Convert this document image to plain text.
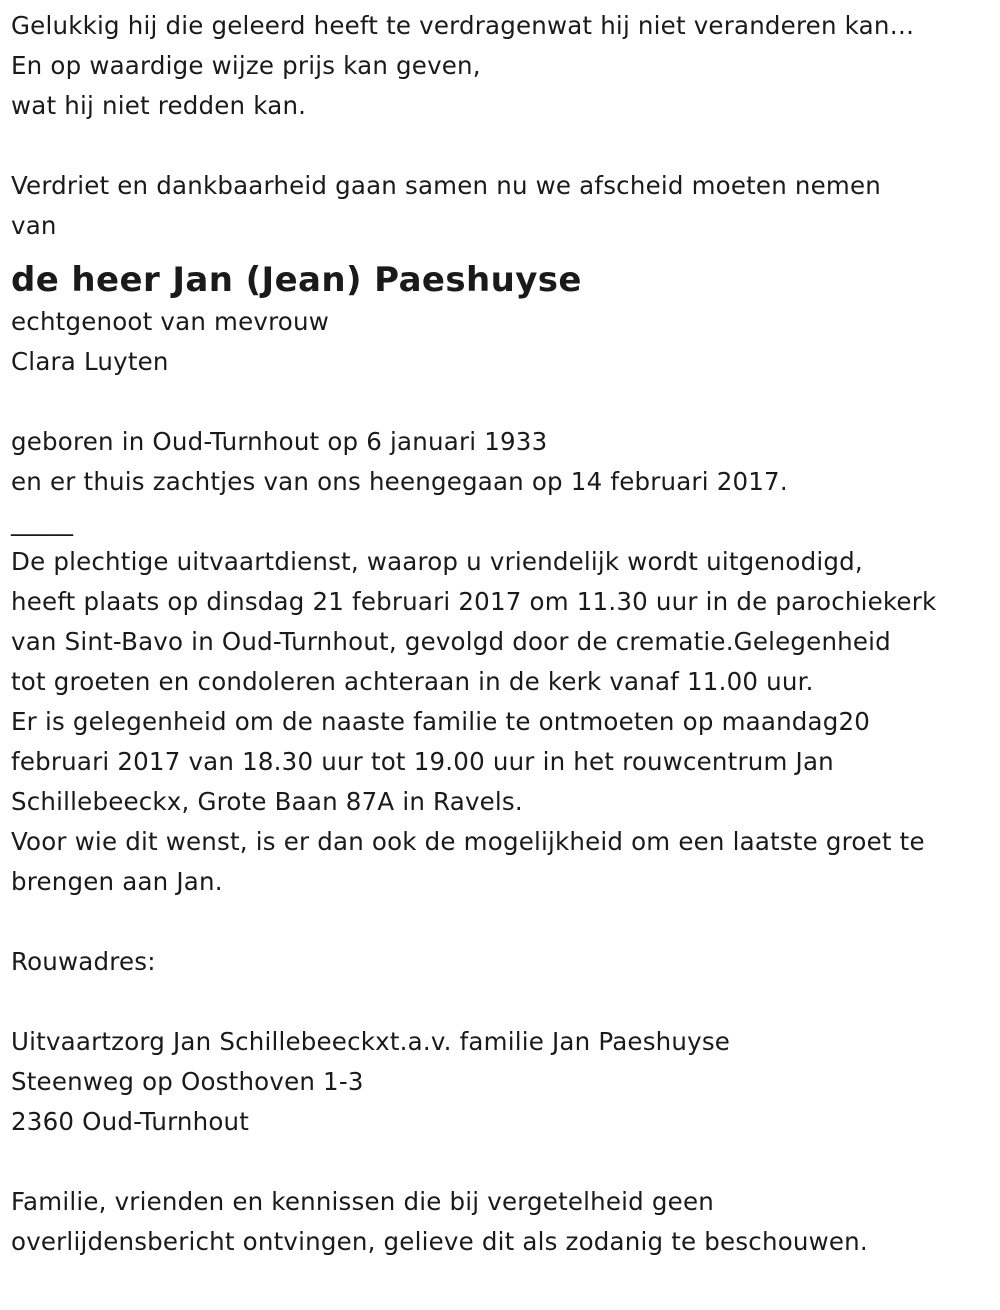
Gelukkig hij die geleerd heeft te verdragenwat hij niet veranderen kan…
En op waardige wijze prijs kan geven,
wat hij niet redden kan.
Verdriet en dankbaarheid gaan samen nu we afscheid moeten nemen
van
de heer Jan (Jean) Paeshuyse
echtgenoot van mevrouw
Clara Luyten
geboren in Oud-Turnhout op 6 januari 1933
en er thuis zachtjes van ons heengegaan op 14 februari 2017.
_____
De plechtige uitvaartdienst, waarop u vriendelijk wordt uitgenodigd,
heeft plaats op dinsdag 21 februari 2017 om 11.30 uur in de parochiekerk
van Sint-Bavo in Oud-Turnhout, gevolgd door de crematie.Gelegenheid
tot groeten en condoleren achteraan in de kerk vanaf 11.00 uur.
Er is gelegenheid om de naaste familie te ontmoeten op maandag20
februari 2017 van 18.30 uur tot 19.00 uur in het rouwcentrum Jan
Schillebeeckx, Grote Baan 87A in Ravels.
Voor wie dit wenst, is er dan ook de mogelijkheid om een laatste groet te
brengen aan Jan.
Rouwadres:
Uitvaartzorg Jan Schillebeeckxt.a.v. familie Jan Paeshuyse
Steenweg op Oosthoven 1-3
2360 Oud-Turnhout
Familie, vrienden en kennissen die bij vergetelheid geen
overlijdensbericht ontvingen, gelieve dit als zodanig te beschouwen.
